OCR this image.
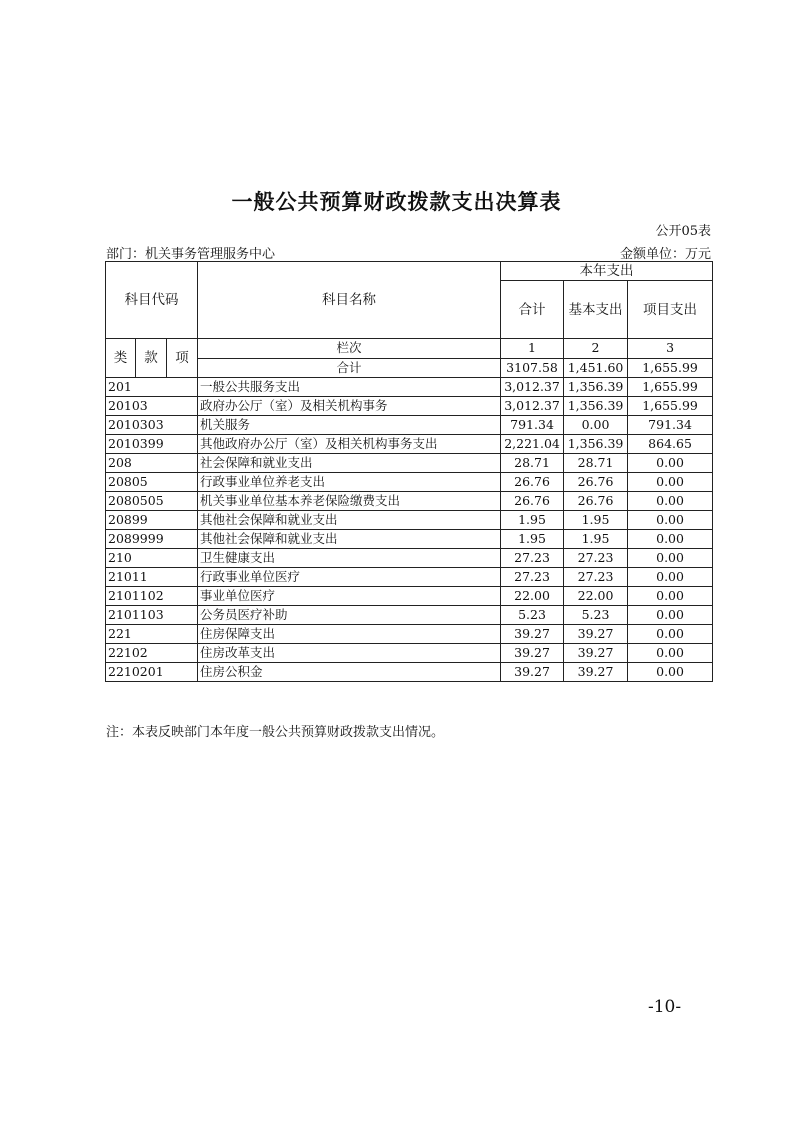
一般公共预算财政拨款支出决算表
公开05表
部门：机关事务管理服务中心	金额单位：万元
科目代码			科目名称	本年支出		
				合计	基本支出	项目支出
类	款	项	栏次	1	2	3
			合计	3107.58	1,451.60	1,655.99
201			一般公共服务支出	3,012.37	1,356.39	1,655.99
20103			政府办公厅（室）及相关机构事务	3,012.37	1,356.39	1,655.99
2010303			机关服务	791.34	0.00	791.34
2010399			其他政府办公厅（室）及相关机构事务支出	2,221.04	1,356.39	864.65
208			社会保障和就业支出	28.71	28.71	0.00
20805			行政事业单位养老支出	26.76	26.76	0.00
2080505			机关事业单位基本养老保险缴费支出	26.76	26.76	0.00
20899			其他社会保障和就业支出	1.95	1.95	0.00
2089999			其他社会保障和就业支出	1.95	1.95	0.00
210			卫生健康支出	27.23	27.23	0.00
21011			行政事业单位医疗	27.23	27.23	0.00
2101102			事业单位医疗	22.00	22.00	0.00
2101103			公务员医疗补助	5.23	5.23	0.00
221			住房保障支出	39.27	39.27	0.00
22102			住房改革支出	39.27	39.27	0.00
2210201			住房公积金	39.27	39.27	0.00
注：本表反映部门本年度一般公共预算财政拨款支出情况。
-10-
